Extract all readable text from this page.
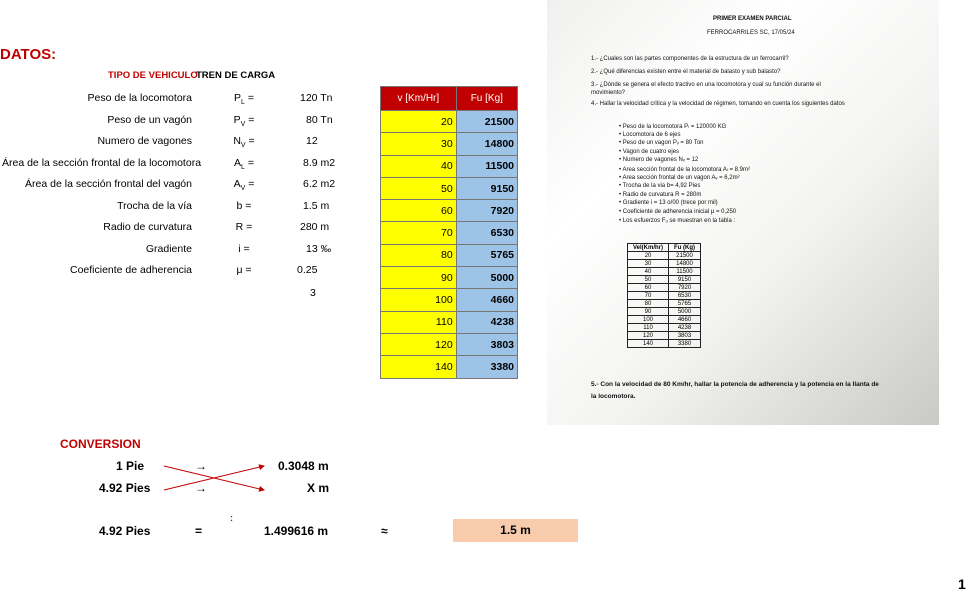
DATOS:
TIPO DE VEHICULO
TREN DE CARGA
Peso de la locomotora	$P_L$ =	120 Tn
Peso de un vagón	$P_V$ =	80 Tn
Numero de vagones	$N_V$ =	12
Área de la sección frontal de la locomotora	$A_L$ =	8.9 m2
Área de la sección frontal del vagón	$A_V$ =	6.2 m2
Trocha de la vía	b =	1.5 m
Radio de curvatura	R =	280 m
Gradiente	i =	13 ‰
Coeficiente de adherencia	μ =	0.25
3
v [Km/Hr]	Fu [Kg]
20	21500
30	14800
40	11500
50	9150
60	7920
70	6530
80	5765
90	5000
100	4660
110	4238
120	3803
140	3380
PRIMER EXAMEN PARCIAL
FERROCARRILES SC, 17/05/24
1.- ¿Cuales son las partes componentes de la estructura de un ferrocarril?
2.- ¿Qué diferencias existen entre el material de balasto y sub balasto?
3.- ¿Dónde se genera el efecto tractivo en una locomotora y cual su función durante el
movimiento?
4.- Hallar la velocidad critica y la velocidad de régimen, tomando en cuenta los siguientes datos
• Peso de la locomotora Pₗ = 120000 KG
• Locomotora de 6 ejes
• Peso de un vagon Pᵥ = 80 Ton
• Vagon de cuatro ejes
• Numero de vagones Nᵥ = 12
• Area sección frontal de la locomotora Aₗ = 8.9m²
• Area sección frontal de un vagon Aᵥ = 6,2m²
• Trocha de la via b= 4,92 Pies
• Radio de curvatura R = 280m
• Gradiente i = 13 o/00 (trece por mil)
• Coeficiente de adherencia inicial μ = 0,250
• Los esfuerzos Fᵤ se muestran en la tabla :
Vel(Km/hr)	Fu (Kg)
20	21500
30	14800
40	11500
50	9150
60	7920
70	6530
80	5765
90	5000
100	4660
110	4238
120	3803
140	3380
5.- Con la velocidad de 80 Km/hr, hallar la potencia de adherencia y la potencia en la llanta de
la locomotora.
CONVERSION
1 Pie	→	0.3048 m
4.92 Pies	→	X m
:
4.92 Pies	=	1.499616 m	≈	1.5 m
1
